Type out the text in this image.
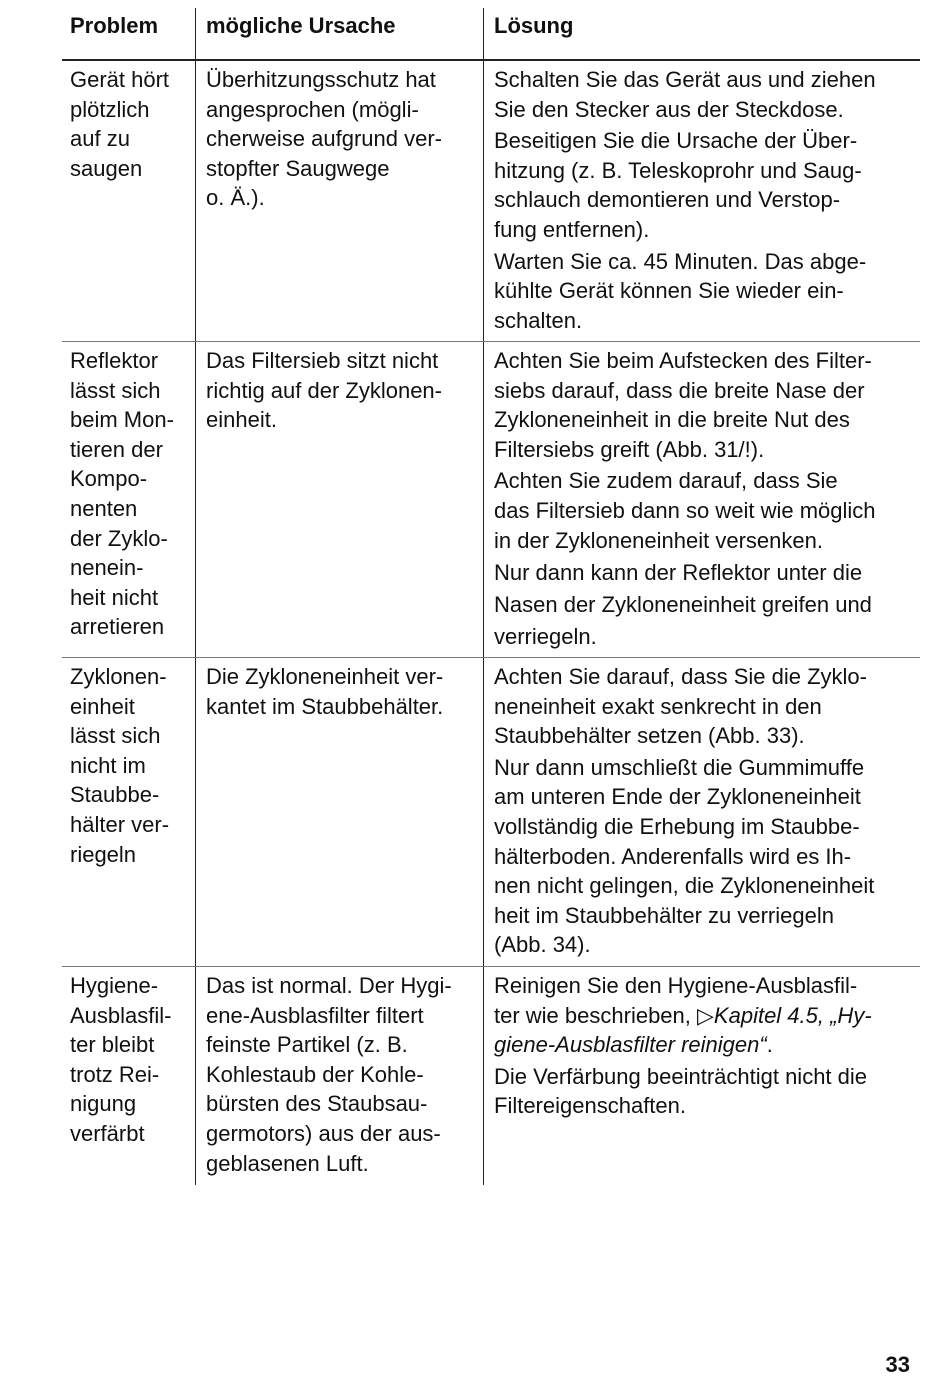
Problem	mögliche Ursache	Lösung
Gerät hört
plötzlich
auf zu
saugen
Überhitzungsschutz hat
angesprochen (mögli-
cherweise aufgrund ver-
stopfter Saugwege
o. Ä.).

Schalten Sie das Gerät aus und ziehen
Sie den Stecker aus der Steckdose.

Beseitigen Sie die Ursache der Über-
hitzung (z. B. Teleskoprohr und Saug-
schlauch demontieren und Verstop-
fung entfernen).

Warten Sie ca. 45 Minuten. Das abge-
kühlte Gerät können Sie wieder ein-
schalten.

Reflektor
lässt sich
beim Mon-
tieren der
Kompo-
nenten
der Zyklo-
nenein-
heit nicht
arretieren
Das Filtersieb sitzt nicht
richtig auf der Zyklonen-
einheit.

Achten Sie beim Aufstecken des Filter-
siebs darauf, dass die breite Nase der
Zykloneneinheit in die breite Nut des
Filtersiebs greift (Abb. 31/!).

Achten Sie zudem darauf, dass Sie
das Filtersieb dann so weit wie möglich
in der Zykloneneinheit versenken.

Nur dann kann der Reflektor unter die
Nasen der Zykloneneinheit greifen und
verriegeln.

Zyklonen-
einheit
lässt sich
nicht im
Staubbe-
hälter ver-
riegeln
Die Zykloneneinheit ver-
kantet im Staubbehälter.

Achten Sie darauf, dass Sie die Zyklo-
neneinheit exakt senkrecht in den
Staubbehälter setzen (Abb. 33).

Nur dann umschließt die Gummimuffe
am unteren Ende der Zykloneneinheit
vollständig die Erhebung im Staubbe-
hälterboden. Anderenfalls wird es Ih-
nen nicht gelingen, die Zykloneneinheit
heit im Staubbehälter zu verriegeln
(Abb. 34).

Hygiene-
Ausblasfil-
ter bleibt
trotz Rei-
nigung
verfärbt
Das ist normal. Der Hygi-
ene-Ausblasfilter filtert
feinste Partikel (z. B.
Kohlestaub der Kohle-
bürsten des Staubsau-
germotors) aus der aus-
geblasenen Luft.

Reinigen Sie den Hygiene-Ausblasfil-
ter wie beschrieben, ▷Kapitel 4.5, „Hy-
giene-Ausblasfilter reinigen“.

Die Verfärbung beeinträchtigt nicht die
Filtereigenschaften.

33
